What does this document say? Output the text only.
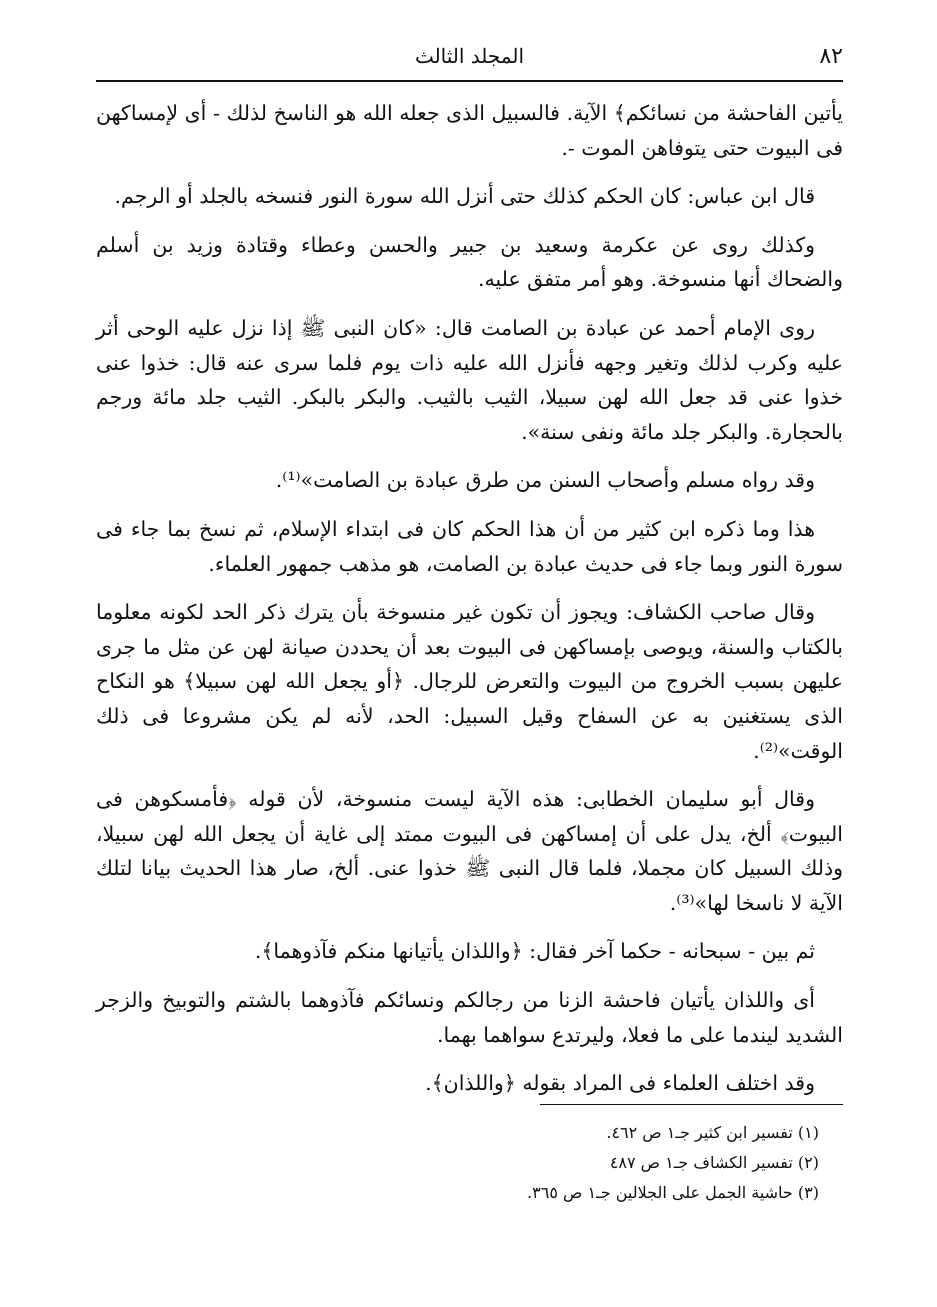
٨٢
المجلد الثالث

يأتين الفاحشة من نسائكم﴾ الآية. فالسبيل الذى جعله الله هو الناسخ لذلك - أى لإمساكهن فى البيوت حتى يتوفاهن الموت -.

قال ابن عباس: كان الحكم كذلك حتى أنزل الله سورة النور فنسخه بالجلد أو الرجم.

وكذلك روى عن عكرمة وسعيد بن جبير والحسن وعطاء وقتادة وزيد بن أسلم والضحاك أنها منسوخة. وهو أمر متفق عليه.

روى الإمام أحمد عن عبادة بن الصامت قال: «كان النبى ﷺ إذا نزل عليه الوحى أثر عليه وكرب لذلك وتغير وجهه فأنزل الله عليه ذات يوم فلما سرى عنه قال: خذوا عنى خذوا عنى قد جعل الله لهن سبيلا، الثيب بالثيب. والبكر بالبكر. الثيب جلد مائة ورجم بالحجارة. والبكر جلد مائة ونفى سنة».

وقد رواه مسلم وأصحاب السنن من طرق عبادة بن الصامت»⁽¹⁾.

هذا وما ذكره ابن كثير من أن هذا الحكم كان فى ابتداء الإسلام، ثم نسخ بما جاء فى سورة النور وبما جاء فى حديث عبادة بن الصامت، هو مذهب جمهور العلماء.

وقال صاحب الكشاف: ويجوز أن تكون غير منسوخة بأن يترك ذكر الحد لكونه معلوما بالكتاب والسنة، ويوصى بإمساكهن فى البيوت بعد أن يحددن صيانة لهن عن مثل ما جرى عليهن بسبب الخروج من البيوت والتعرض للرجال. ﴿أو يجعل الله لهن سبيلا﴾ هو النكاح الذى يستغنين به عن السفاح وقيل السبيل: الحد، لأنه لم يكن مشروعا فى ذلك الوقت»⁽²⁾.

وقال أبو سليمان الخطابى: هذه الآية ليست منسوخة، لأن قوله ﴿فأمسكوهن فى البيوت﴾ ألخ، يدل على أن إمساكهن فى البيوت ممتد إلى غاية أن يجعل الله لهن سبيلا، وذلك السبيل كان مجملا، فلما قال النبى ﷺ خذوا عنى. ألخ، صار هذا الحديث بيانا لتلك الآية لا ناسخا لها»⁽³⁾.

ثم بين - سبحانه - حكما آخر فقال: ﴿واللذان يأتيانها منكم فآذوهما﴾.

أى واللذان يأتيان فاحشة الزنا من رجالكم ونسائكم فآذوهما بالشتم والتوبيخ والزجر الشديد ليندما على ما فعلا، وليرتدع سواهما بهما.

وقد اختلف العلماء فى المراد بقوله ﴿واللذان﴾.

(١) تفسير ابن كثير جـ١ ص ٤٦٢.
(٢) تفسير الكشاف جـ١ ص ٤٨٧
(٣) حاشية الجمل على الجلالين جـ١ ص ٣٦٥.
